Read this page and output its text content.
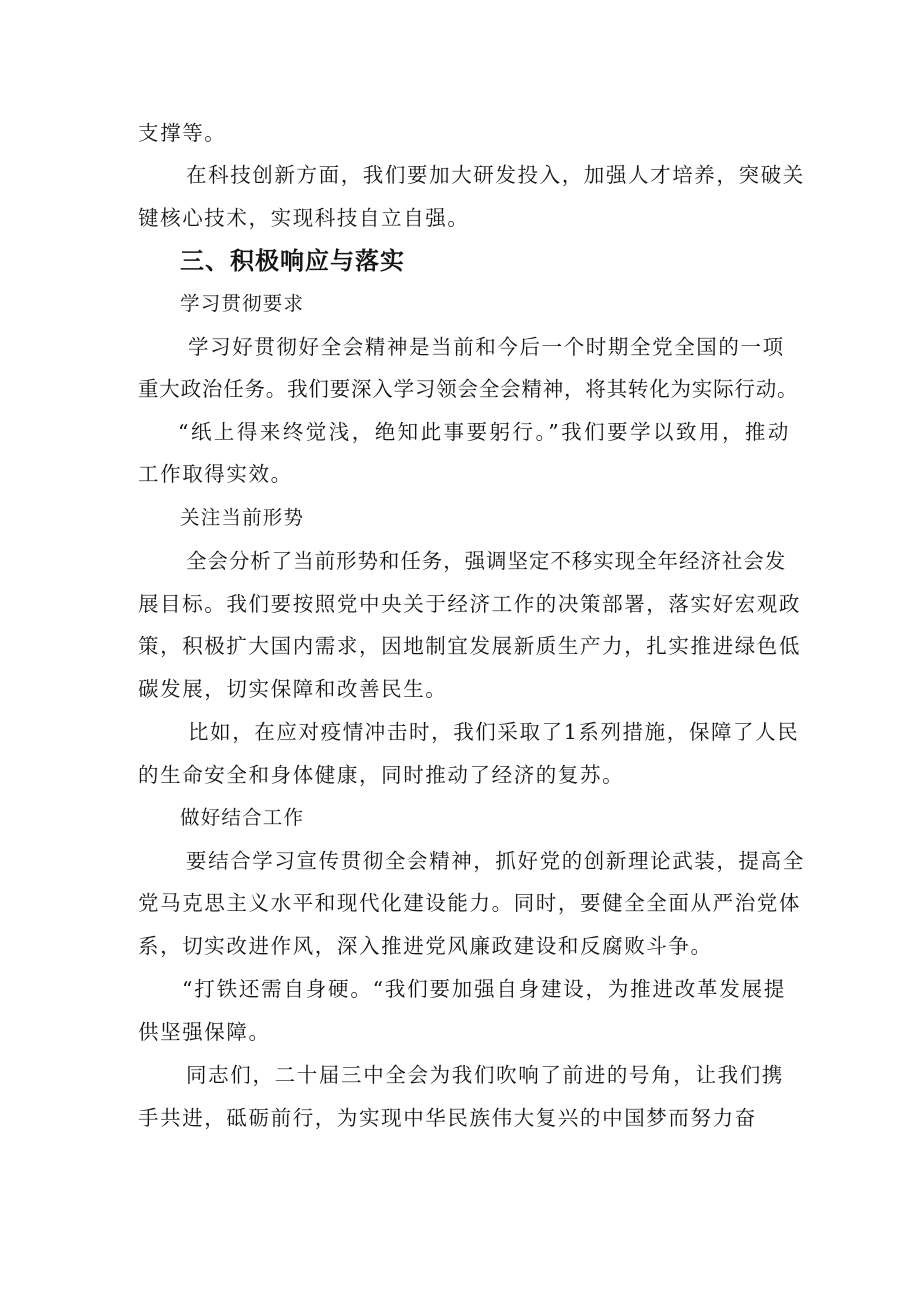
支撑等。
在科技创新方面，我们要加大研发投入，加强人才培养，突破关
键核心技术，实现科技自立自强。
三、积极响应与落实
学习贯彻要求
学习好贯彻好全会精神是当前和今后一个时期全党全国的一项
重大政治任务。我们要深入学习领会全会精神，将其转化为实际行动。
“纸上得来终觉浅，绝知此事要躬行。”我们要学以致用，推动
工作取得实效。
关注当前形势
全会分析了当前形势和任务，强调坚定不移实现全年经济社会发
展目标。我们要按照党中央关于经济工作的决策部署，落实好宏观政
策，积极扩大国内需求，因地制宜发展新质生产力，扎实推进绿色低
碳发展，切实保障和改善民生。
比如，在应对疫情冲击时，我们采取了1系列措施，保障了人民
的生命安全和身体健康，同时推动了经济的复苏。
做好结合工作
要结合学习宣传贯彻全会精神，抓好党的创新理论武装，提高全
党马克思主义水平和现代化建设能力。同时，要健全全面从严治党体
系，切实改进作风，深入推进党风廉政建设和反腐败斗争。
“打铁还需自身硬。“我们要加强自身建设，为推进改革发展提
供坚强保障。
同志们，二十届三中全会为我们吹响了前进的号角，让我们携
手共进，砥砺前行，为实现中华民族伟大复兴的中国梦而努力奋
